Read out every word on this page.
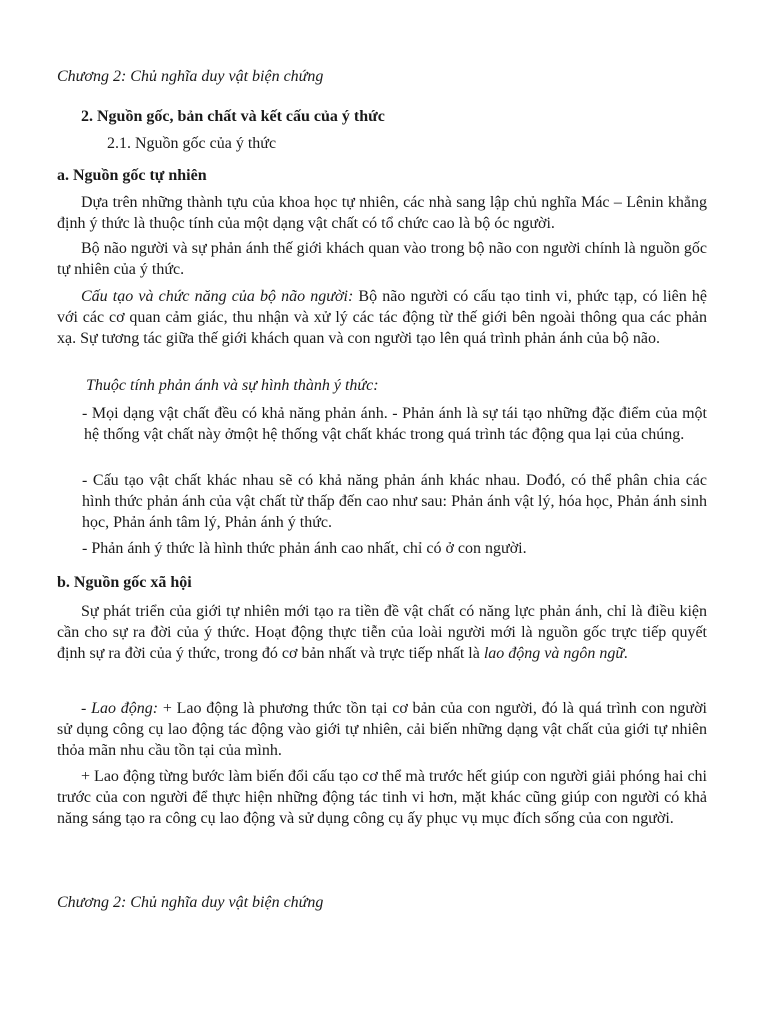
Chương 2: Chủ nghĩa duy vật biện chứng
2. Nguồn gốc, bản chất và kết cấu của ý thức
2.1. Nguồn gốc của ý thức
a. Nguồn gốc tự nhiên

Dựa trên những thành tựu của khoa học tự nhiên, các nhà sang lập chủ nghĩa Mác – Lênin khẳng định ý thức là thuộc tính của một dạng vật chất có tổ chức cao là bộ óc người.

Bộ não người và sự phản ánh thế giới khách quan vào trong bộ não con người chính là nguồn gốc tự nhiên của ý thức.

Cấu tạo và chức năng của bộ não người: Bộ não người có cấu tạo tinh vi, phức tạp, có liên hệ với các cơ quan cảm giác, thu nhận và xử lý các tác động từ thế giới bên ngoài thông qua các phản xạ. Sự tương tác giữa thế giới khách quan và con người tạo lên quá trình phản ánh của bộ não.

Thuộc tính phản ánh và sự hình thành ý thức:

- Mọi dạng vật chất đều có khả năng phản ánh. - Phản ánh là sự tái tạo những đặc điểm của một hệ thống vật chất này ởmột hệ thống vật chất khác trong quá trình tác động qua lại của chúng.

- Cấu tạo vật chất khác nhau sẽ có khả năng phản ánh khác nhau. Dođó, có thể phân chia các hình thức phản ánh của vật chất từ thấp đến cao như sau: Phản ánh vật lý, hóa học, Phản ánh sinh học, Phản ánh tâm lý, Phản ánh ý thức.

- Phản ánh ý thức là hình thức phản ánh cao nhất, chỉ có ở con người.

b. Nguồn gốc xã hội

Sự phát triển của giới tự nhiên mới tạo ra tiền đề vật chất có năng lực phản ánh, chỉ là điều kiện cần cho sự ra đời của ý thức. Hoạt động thực tiễn của loài người mới là nguồn gốc trực tiếp quyết định sự ra đời của ý thức, trong đó cơ bản nhất và trực tiếp nhất là lao động và ngôn ngữ.

- Lao động: + Lao động là phương thức tồn tại cơ bản của con người, đó là quá trình con người sử dụng công cụ lao động tác động vào giới tự nhiên, cải biến những dạng vật chất của giới tự nhiên thỏa mãn nhu cầu tồn tại của mình.

+ Lao động từng bước làm biến đổi cấu tạo cơ thể mà trước hết giúp con người giải phóng hai chi trước của con người để thực hiện những động tác tinh vi hơn, mặt khác cũng giúp con người có khả năng sáng tạo ra công cụ lao động và sử dụng công cụ ấy phục vụ mục đích sống của con người.

Chương 2: Chủ nghĩa duy vật biện chứng
